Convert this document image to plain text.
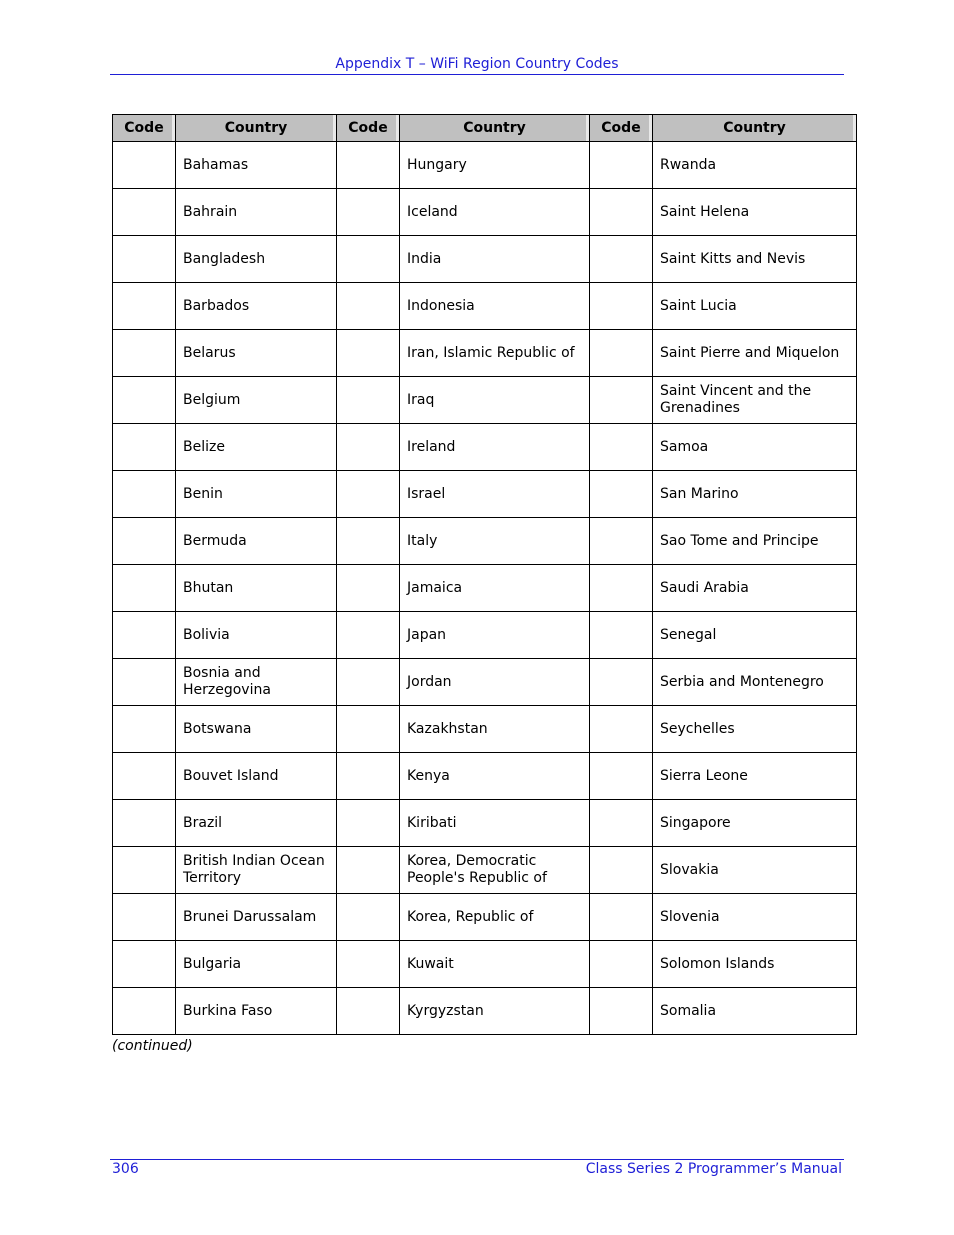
Appendix T – WiFi Region Country Codes
Code	Country	Code	Country	Code	Country
	Bahamas		Hungary		Rwanda
	Bahrain		Iceland		Saint Helena
	Bangladesh		India		Saint Kitts and Nevis
	Barbados		Indonesia		Saint Lucia
	Belarus		Iran, Islamic Republic of		Saint Pierre and Miquelon
	Belgium		Iraq		Saint Vincent and the Grenadines
	Belize		Ireland		Samoa
	Benin		Israel		San Marino
	Bermuda		Italy		Sao Tome and Principe
	Bhutan		Jamaica		Saudi Arabia
	Bolivia		Japan		Senegal
	Bosnia and Herzegovina		Jordan		Serbia and Montenegro
	Botswana		Kazakhstan		Seychelles
	Bouvet Island		Kenya		Sierra Leone
	Brazil		Kiribati		Singapore
	British Indian Ocean Territory		Korea, Democratic People's Republic of		Slovakia
	Brunei Darussalam		Korea, Republic of		Slovenia
	Bulgaria		Kuwait		Solomon Islands
	Burkina Faso		Kyrgyzstan		Somalia
(continued)
306	Class Series 2 Programmer’s Manual
